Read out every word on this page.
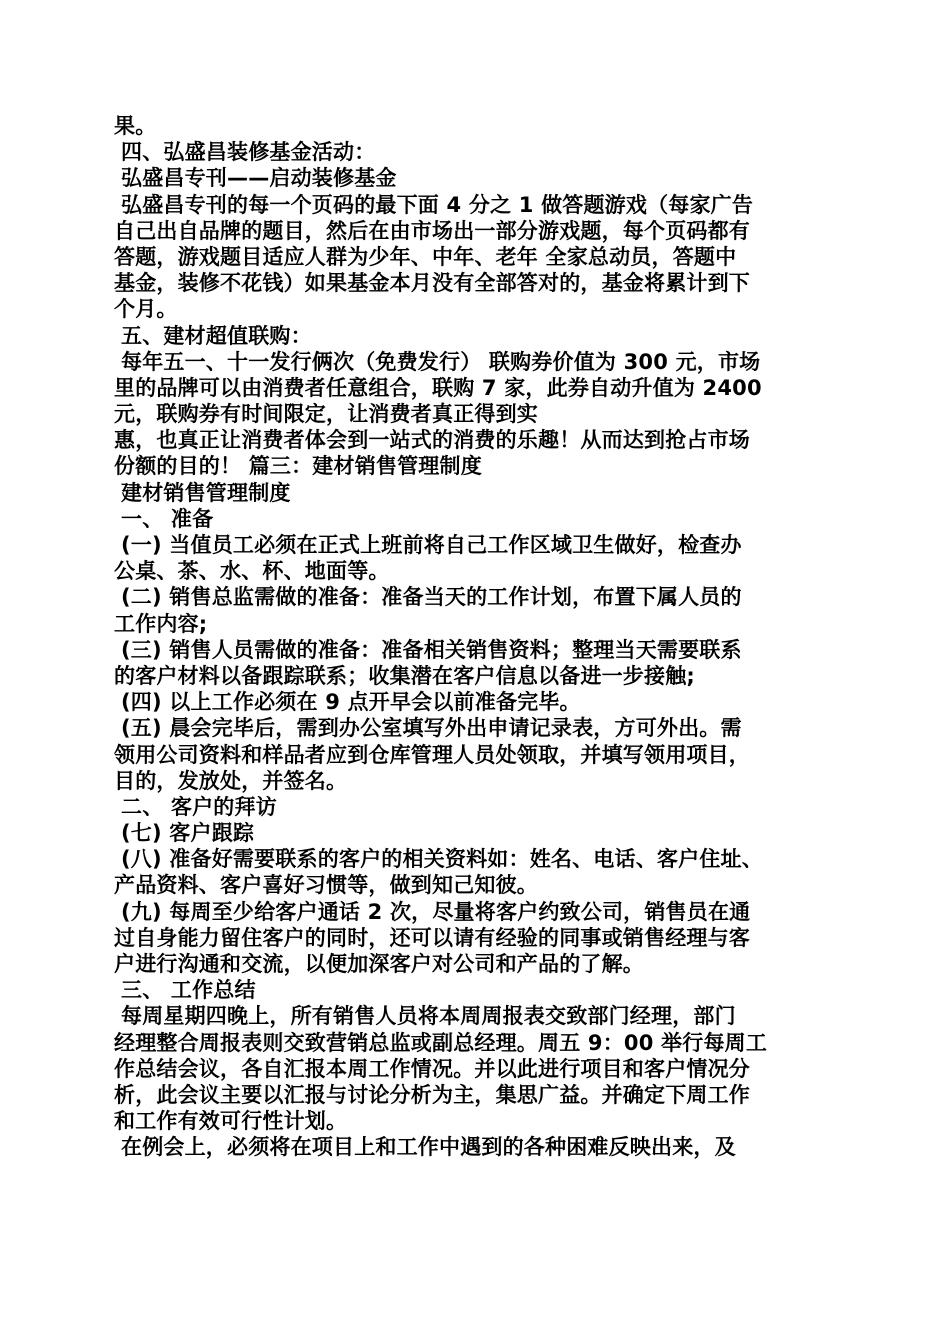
果。
四、弘盛昌装修基金活动：
弘盛昌专刊——启动装修基金
弘盛昌专刊的每一个页码的最下面 4 分之 1 做答题游戏（每家广告
自己出自品牌的题目，然后在由市场出一部分游戏题，每个页码都有
答题，游戏题目适应人群为少年、中年、老年 全家总动员，答题中
基金，装修不花钱）如果基金本月没有全部答对的，基金将累计到下
个月。
五、建材超值联购：
每年五一、十一发行俩次（免费发行） 联购券价值为 300 元，市场
里的品牌可以由消费者任意组合，联购 7 家，此券自动升值为 2400
元，联购券有时间限定，让消费者真正得到实
惠，也真正让消费者体会到一站式的消费的乐趣！从而达到抢占市场
份额的目的！ 篇三：建材销售管理制度
建材销售管理制度
一、 准备
(一) 当值员工必须在正式上班前将自己工作区域卫生做好，检查办
公桌、茶、水、杯、地面等。
(二) 销售总监需做的准备：准备当天的工作计划，布置下属人员的
工作内容;
(三) 销售人员需做的准备：准备相关销售资料；整理当天需要联系
的客户材料以备跟踪联系；收集潜在客户信息以备进一步接触;
(四) 以上工作必须在 9 点开早会以前准备完毕。
(五) 晨会完毕后，需到办公室填写外出申请记录表，方可外出。需
领用公司资料和样品者应到仓库管理人员处领取，并填写领用项目，
目的，发放处，并签名。
二、 客户的拜访
(七) 客户跟踪
(八) 准备好需要联系的客户的相关资料如：姓名、电话、客户住址、
产品资料、客户喜好习惯等，做到知己知彼。
(九) 每周至少给客户通话 2 次，尽量将客户约致公司，销售员在通
过自身能力留住客户的同时，还可以请有经验的同事或销售经理与客
户进行沟通和交流，以便加深客户对公司和产品的了解。
三、 工作总结
每周星期四晚上，所有销售人员将本周周报表交致部门经理，部门
经理整合周报表则交致营销总监或副总经理。周五 9：00 举行每周工
作总结会议，各自汇报本周工作情况。并以此进行项目和客户情况分
析，此会议主要以汇报与讨论分析为主，集思广益。并确定下周工作
和工作有效可行性计划。
在例会上，必须将在项目上和工作中遇到的各种困难反映出来，及
